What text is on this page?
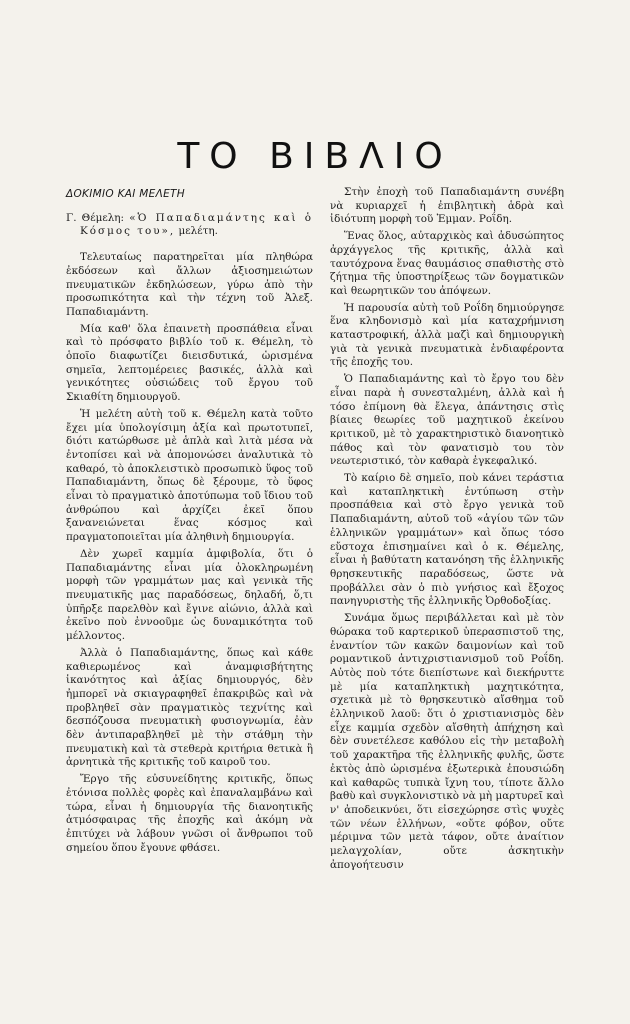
ΤΟ ΒΙΒΛΙΟ
ΔΟΚΙΜΙΟ ΚΑΙ ΜΕΛΕΤΗ
Γ. Θέμελη: «Ὁ Παπαδιαμάντης καὶ ὁ Κόσμος του», μελέτη.

Τελευταίως παρατηρεῖται μία πληθώρα ἐκδόσεων καὶ ἄλλων ἀξιοσημειώτων πνευματικῶν ἐκδηλώσεων, γύρω ἀπὸ τὴν προσωπικότητα καὶ τὴν τέχνη τοῦ Ἀλεξ. Παπαδιαμάντη.

Μία καθ' ὅλα ἐπαινετὴ προσπάθεια εἶναι καὶ τὸ πρόσφατο βιβλίο τοῦ κ. Θέμελη, τὸ ὁποῖο διαφωτίζει διεισδυτικά, ὡρισμένα σημεῖα, λεπτομέρειες βασικές, ἀλλὰ καὶ γενικότητες οὐσιώδεις τοῦ ἔργου τοῦ Σκιαθίτη δημιουργοῦ.

Ἡ μελέτη αὐτὴ τοῦ κ. Θέμελη κατὰ τοῦτο ἔχει μία ὑπολογίσιμη ἀξία καὶ πρωτοτυπεῖ, διότι κατώρθωσε μὲ ἁπλὰ καὶ λιτὰ μέσα νὰ ἐντοπίσει καὶ νὰ ἀπομονώσει ἀναλυτικὰ τὸ καθαρό, τὸ ἀποκλειστικὸ προσωπικὸ ὕφος τοῦ Παπαδιαμάντη, ὅπως δὲ ξέρουμε, τὸ ὕφος εἶναι τὸ πραγματικὸ ἀποτύπωμα τοῦ ἴδιου τοῦ ἀνθρώπου καὶ ἀρχίζει ἐκεῖ ὅπου ξανανειώνεται ἕνας κόσμος καὶ πραγματοποιεῖται μία ἀληθινὴ δημιουργία.

Δὲν χωρεῖ καμμία ἀμφιβολία, ὅτι ὁ Παπαδιαμάντης εἶναι μία ὁλοκληρωμένη μορφὴ τῶν γραμμάτων μας καὶ γενικὰ τῆς πνευματικῆς μας παραδόσεως, δηλαδή, ὅ,τι ὑπῆρξε παρελθὸν καὶ ἔγινε αἰώνιο, ἀλλὰ καὶ ἐκεῖνο ποὺ ἐννοοῦμε ὡς δυναμικότητα τοῦ μέλλοντος.

Ἀλλὰ ὁ Παπαδιαμάντης, ὅπως καὶ κάθε καθιερωμένος καὶ ἀναμφισβήτητης ἱκανότητος καὶ ἀξίας δημιουργός, δὲν ἠμπορεῖ νὰ σκιαγραφηθεῖ ἐπακριβῶς καὶ νὰ προβληθεῖ σὰν πραγματικὸς τεχνίτης καὶ δεσπόζουσα πνευματικὴ φυσιογνωμία, ἐὰν δὲν ἀντιπαραβληθεῖ μὲ τὴν στάθμη τὴν πνευματικὴ καὶ τὰ στεθερὰ κριτήρια θετικὰ ἢ ἀρνητικὰ τῆς κριτικῆς τοῦ καιροῦ του.

Ἔργο τῆς εὐσυνείδητης κριτικῆς, ὅπως ἐτόνισα πολλὲς φορὲς καὶ ἐπαναλαμβάνω καὶ τώρα, εἶναι ἡ δημιουργία τῆς διανοητικῆς ἀτμόσφαιρας τῆς ἐποχῆς καὶ ἀκόμη νὰ ἐπιτύχει νὰ λάβουν γνῶσι οἱ ἄνθρωποι τοῦ σημείου ὅπου ἔγουνε φθάσει.

Στὴν ἐποχὴ τοῦ Παπαδιαμάντη συνέβη νὰ κυριαρχεῖ ἡ ἐπιβλητικὴ ἁδρὰ καὶ ἰδιότυπη μορφὴ τοῦ Ἐμμαν. Ροΐδη.

Ἕνας ὅλος, αὐταρχικὸς καὶ ἀδυσώπητος ἀρχάγγελος τῆς κριτικῆς, ἀλλὰ καὶ ταυτόχρονα ἕνας θαυμάσιος σπαθιστὴς στὸ ζήτημα τῆς ὑποστηρίξεως τῶν δογματικῶν καὶ θεωρητικῶν του ἀπόψεων.

Ἡ παρουσία αὐτὴ τοῦ Ροΐδη δημιούργησε ἕνα κληδονισμὸ καὶ μία καταχρήμνιση καταστροφική, ἀλλὰ μαζὶ καὶ δημιουργικὴ γιὰ τὰ γενικὰ πνευματικὰ ἐνδιαφέροντα τῆς ἐποχῆς του.

Ὁ Παπαδιαμάντης καὶ τὸ ἔργο του δὲν εἶναι παρὰ ἡ συνεσταλμένη, ἀλλὰ καὶ ἡ τόσο ἐπίμονη θὰ ἔλεγα, ἀπάντησις στὶς βίαιες θεωρίες τοῦ μαχητικοῦ ἐκείνου κριτικοῦ, μὲ τὸ χαρακτηριστικὸ διανοητικὸ πάθος καὶ τὸν φανατισμὸ του τὸν νεωτεριστικό, τὸν καθαρὰ ἐγκεφαλικό.

Τὸ καίριο δὲ σημεῖο, ποὺ κάνει τεράστια καὶ καταπληκτικὴ ἐντύπωση στὴν προσπάθεια καὶ στὸ ἔργο γενικὰ τοῦ Παπαδιαμάντη, αὐτοῦ τοῦ «ἁγίου τῶν τῶν ἑλληνικῶν γραμμάτων» καὶ ὅπως τόσο εὔστοχα ἐπισημαίνει καὶ ὁ κ. Θέμελης, εἶναι ἡ βαθύτατη κατανόηση τῆς ἑλληνικῆς θρησκευτικῆς παραδόσεως, ὥστε νὰ προβάλλει σὰν ὁ πιὸ γνήσιος καὶ ἔξοχος πανηγυριστὴς τῆς ἑλληνικῆς Ὀρθοδοξίας.

Συνάμα ὅμως περιβάλλεται καὶ μὲ τὸν θώρακα τοῦ καρτερικοῦ ὑπερασπιστοῦ της, ἐναντίον τῶν κακῶν δαιμονίων καὶ τοῦ ρομαντικοῦ ἀντιχριστιανισμοῦ τοῦ Ροΐδη. Αὐτὸς ποὺ τότε διεπίστωνε καὶ διεκήρυττε μὲ μία καταπληκτικὴ μαχητικότητα, σχετικὰ μὲ τὸ θρησκευτικὸ αἴσθημα τοῦ ἑλληνικοῦ λαοῦ: ὅτι ὁ χριστιανισμὸς δὲν εἶχε καμμία σχεδὸν αἴσθητὴ ἀπήχηση καὶ δὲν συνετέλεσε καθόλου εἰς τὴν μεταβολὴ τοῦ χαρακτῆρα τῆς ἑλληνικῆς φυλῆς, ὥστε ἐκτὸς ἀπὸ ὡρισμένα ἐξωτερικὰ ἐπουσιώδη καὶ καθαρῶς τυπικὰ ἴχνη του, τίποτε ἄλλο βαθὺ καὶ συγκλονιστικὸ νὰ μὴ μαρτυρεῖ καὶ ν' ἀποδεικνύει, ὅτι εἰσεχώρησε στὶς ψυχὲς τῶν νέων ἑλλήνων, «οὔτε φόβον, οὔτε μέριμνα τῶν μετὰ τάφον, οὔτε ἀναίτιον μελαγχολίαν, οὔτε ἀσκητικὴν ἀπογοήτευσιν
